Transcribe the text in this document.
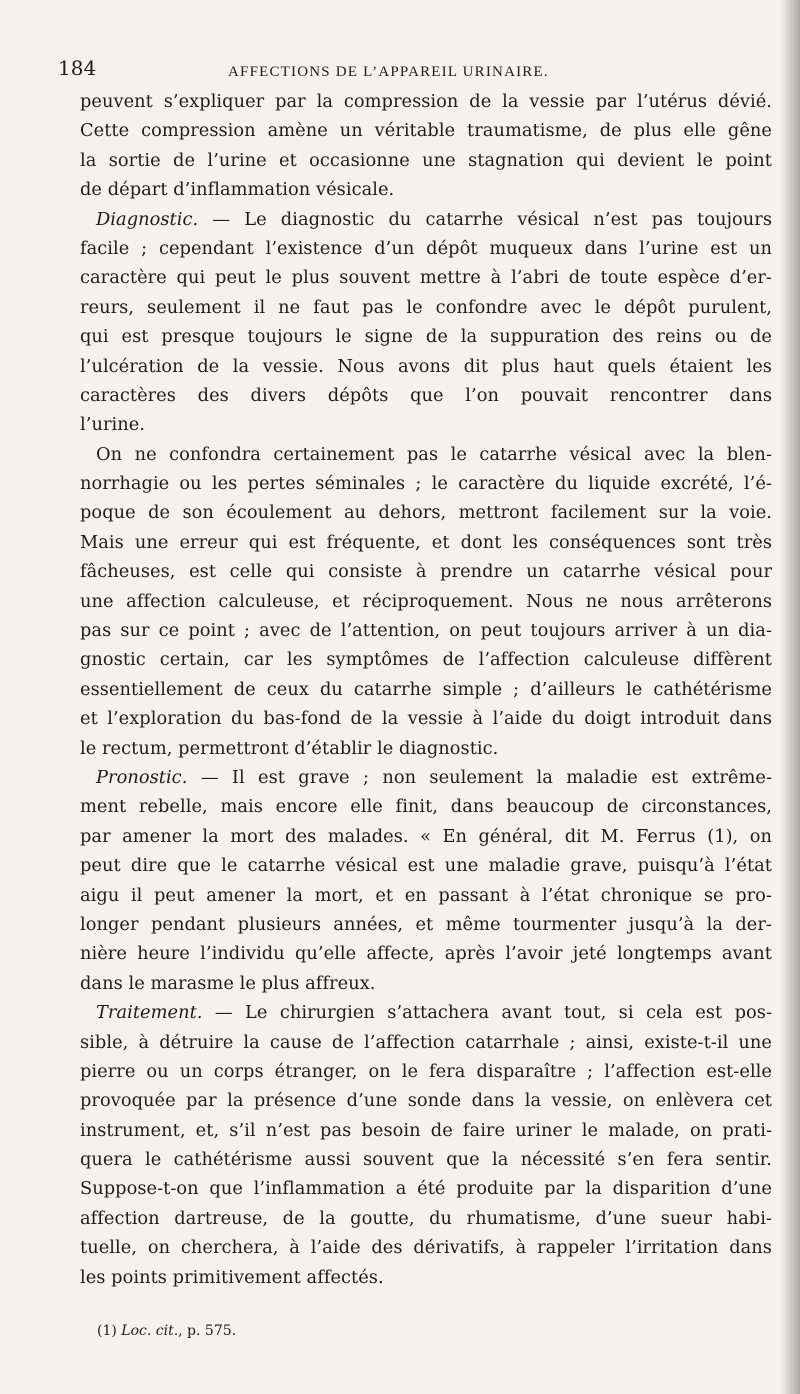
184	AFFECTIONS DE L’APPAREIL URINAIRE.
peuvent s’expliquer par la compression de la vessie par l’utérus dévié.
Cette compression amène un véritable traumatisme, de plus elle gêne
la sortie de l’urine et occasionne une stagnation qui devient le point
de départ d’inflammation vésicale.
Diagnostic. — Le diagnostic du catarrhe vésical n’est pas toujours
facile ; cependant l’existence d’un dépôt muqueux dans l’urine est un
caractère qui peut le plus souvent mettre à l’abri de toute espèce d’er-
reurs, seulement il ne faut pas le confondre avec le dépôt purulent,
qui est presque toujours le signe de la suppuration des reins ou de
l’ulcération de la vessie. Nous avons dit plus haut quels étaient les
caractères des divers dépôts que l’on pouvait rencontrer dans
l’urine.
On ne confondra certainement pas le catarrhe vésical avec la blen-
norrhagie ou les pertes séminales ; le caractère du liquide excrété, l’é-
poque de son écoulement au dehors, mettront facilement sur la voie.
Mais une erreur qui est fréquente, et dont les conséquences sont très
fâcheuses, est celle qui consiste à prendre un catarrhe vésical pour
une affection calculeuse, et réciproquement. Nous ne nous arrêterons
pas sur ce point ; avec de l’attention, on peut toujours arriver à un dia-
gnostic certain, car les symptômes de l’affection calculeuse diffèrent
essentiellement de ceux du catarrhe simple ; d’ailleurs le cathétérisme
et l’exploration du bas-fond de la vessie à l’aide du doigt introduit dans
le rectum, permettront d’établir le diagnostic.
Pronostic. — Il est grave ; non seulement la maladie est extrême-
ment rebelle, mais encore elle finit, dans beaucoup de circonstances,
par amener la mort des malades. « En général, dit M. Ferrus (1), on
peut dire que le catarrhe vésical est une maladie grave, puisqu’à l’état
aigu il peut amener la mort, et en passant à l’état chronique se pro-
longer pendant plusieurs années, et même tourmenter jusqu’à la der-
nière heure l’individu qu’elle affecte, après l’avoir jeté longtemps avant
dans le marasme le plus affreux.
Traitement. — Le chirurgien s’attachera avant tout, si cela est pos-
sible, à détruire la cause de l’affection catarrhale ; ainsi, existe-t-il une
pierre ou un corps étranger, on le fera disparaître ; l’affection est-elle
provoquée par la présence d’une sonde dans la vessie, on enlèvera cet
instrument, et, s’il n’est pas besoin de faire uriner le malade, on prati-
quera le cathétérisme aussi souvent que la nécessité s’en fera sentir.
Suppose-t-on que l’inflammation a été produite par la disparition d’une
affection dartreuse, de la goutte, du rhumatisme, d’une sueur habi-
tuelle, on cherchera, à l’aide des dérivatifs, à rappeler l’irritation dans
les points primitivement affectés.
(1) Loc. cit., p. 575.
